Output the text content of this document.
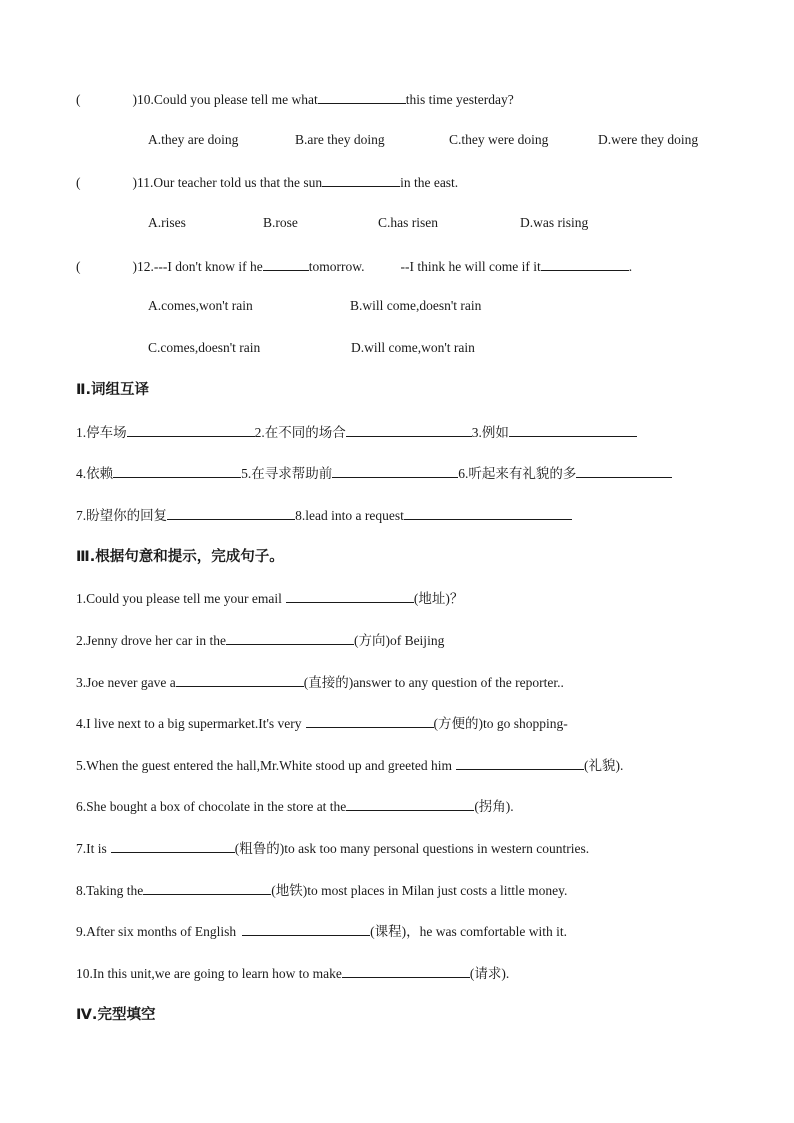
(	)10.Could you please tell me what	this time yesterday?
A.they are doing	B.are they doing	C.they were doing	D.were they doing
(	)11.Our teacher told us that the sun	in the east.
A.rises	B.rose	C.has risen	D.was rising
(	)12.---I don't know if he	tomorrow.	--I think he will come if it	.
A.comes,won't rain	B.will come,doesn't rain
C.comes,doesn't rain	D.will come,won't rain
Ⅱ.词组互译
1.停车场	2.在不同的场合	3.例如
4.依赖	5.在寻求帮助前	6.听起来有礼貌的多
7.盼望你的回复	8.lead into a request
Ⅲ.根据句意和提示，完成句子。
1.Could you please tell me your email	(地址)？
2.Jenny drove her car in the	(方向)of Beijing
3.Joe never gave a	(直接的)answer to any question of the reporter..
4.I live next to a big supermarket.It's very	(方便的)to go shopping-
5.When the guest entered the hall,Mr.White stood up and greeted him	(礼貌).
6.She bought a box of chocolate in the store at the	(拐角).
7.It is	(粗鲁的)to ask too many personal questions in western countries.
8.Taking the	(地铁)to most places in Milan just costs a little money.
9.After six months of English	(课程)，he was comfortable with it.
10.In this unit,we are going to learn how to make	(请求).
Ⅳ.完型填空
